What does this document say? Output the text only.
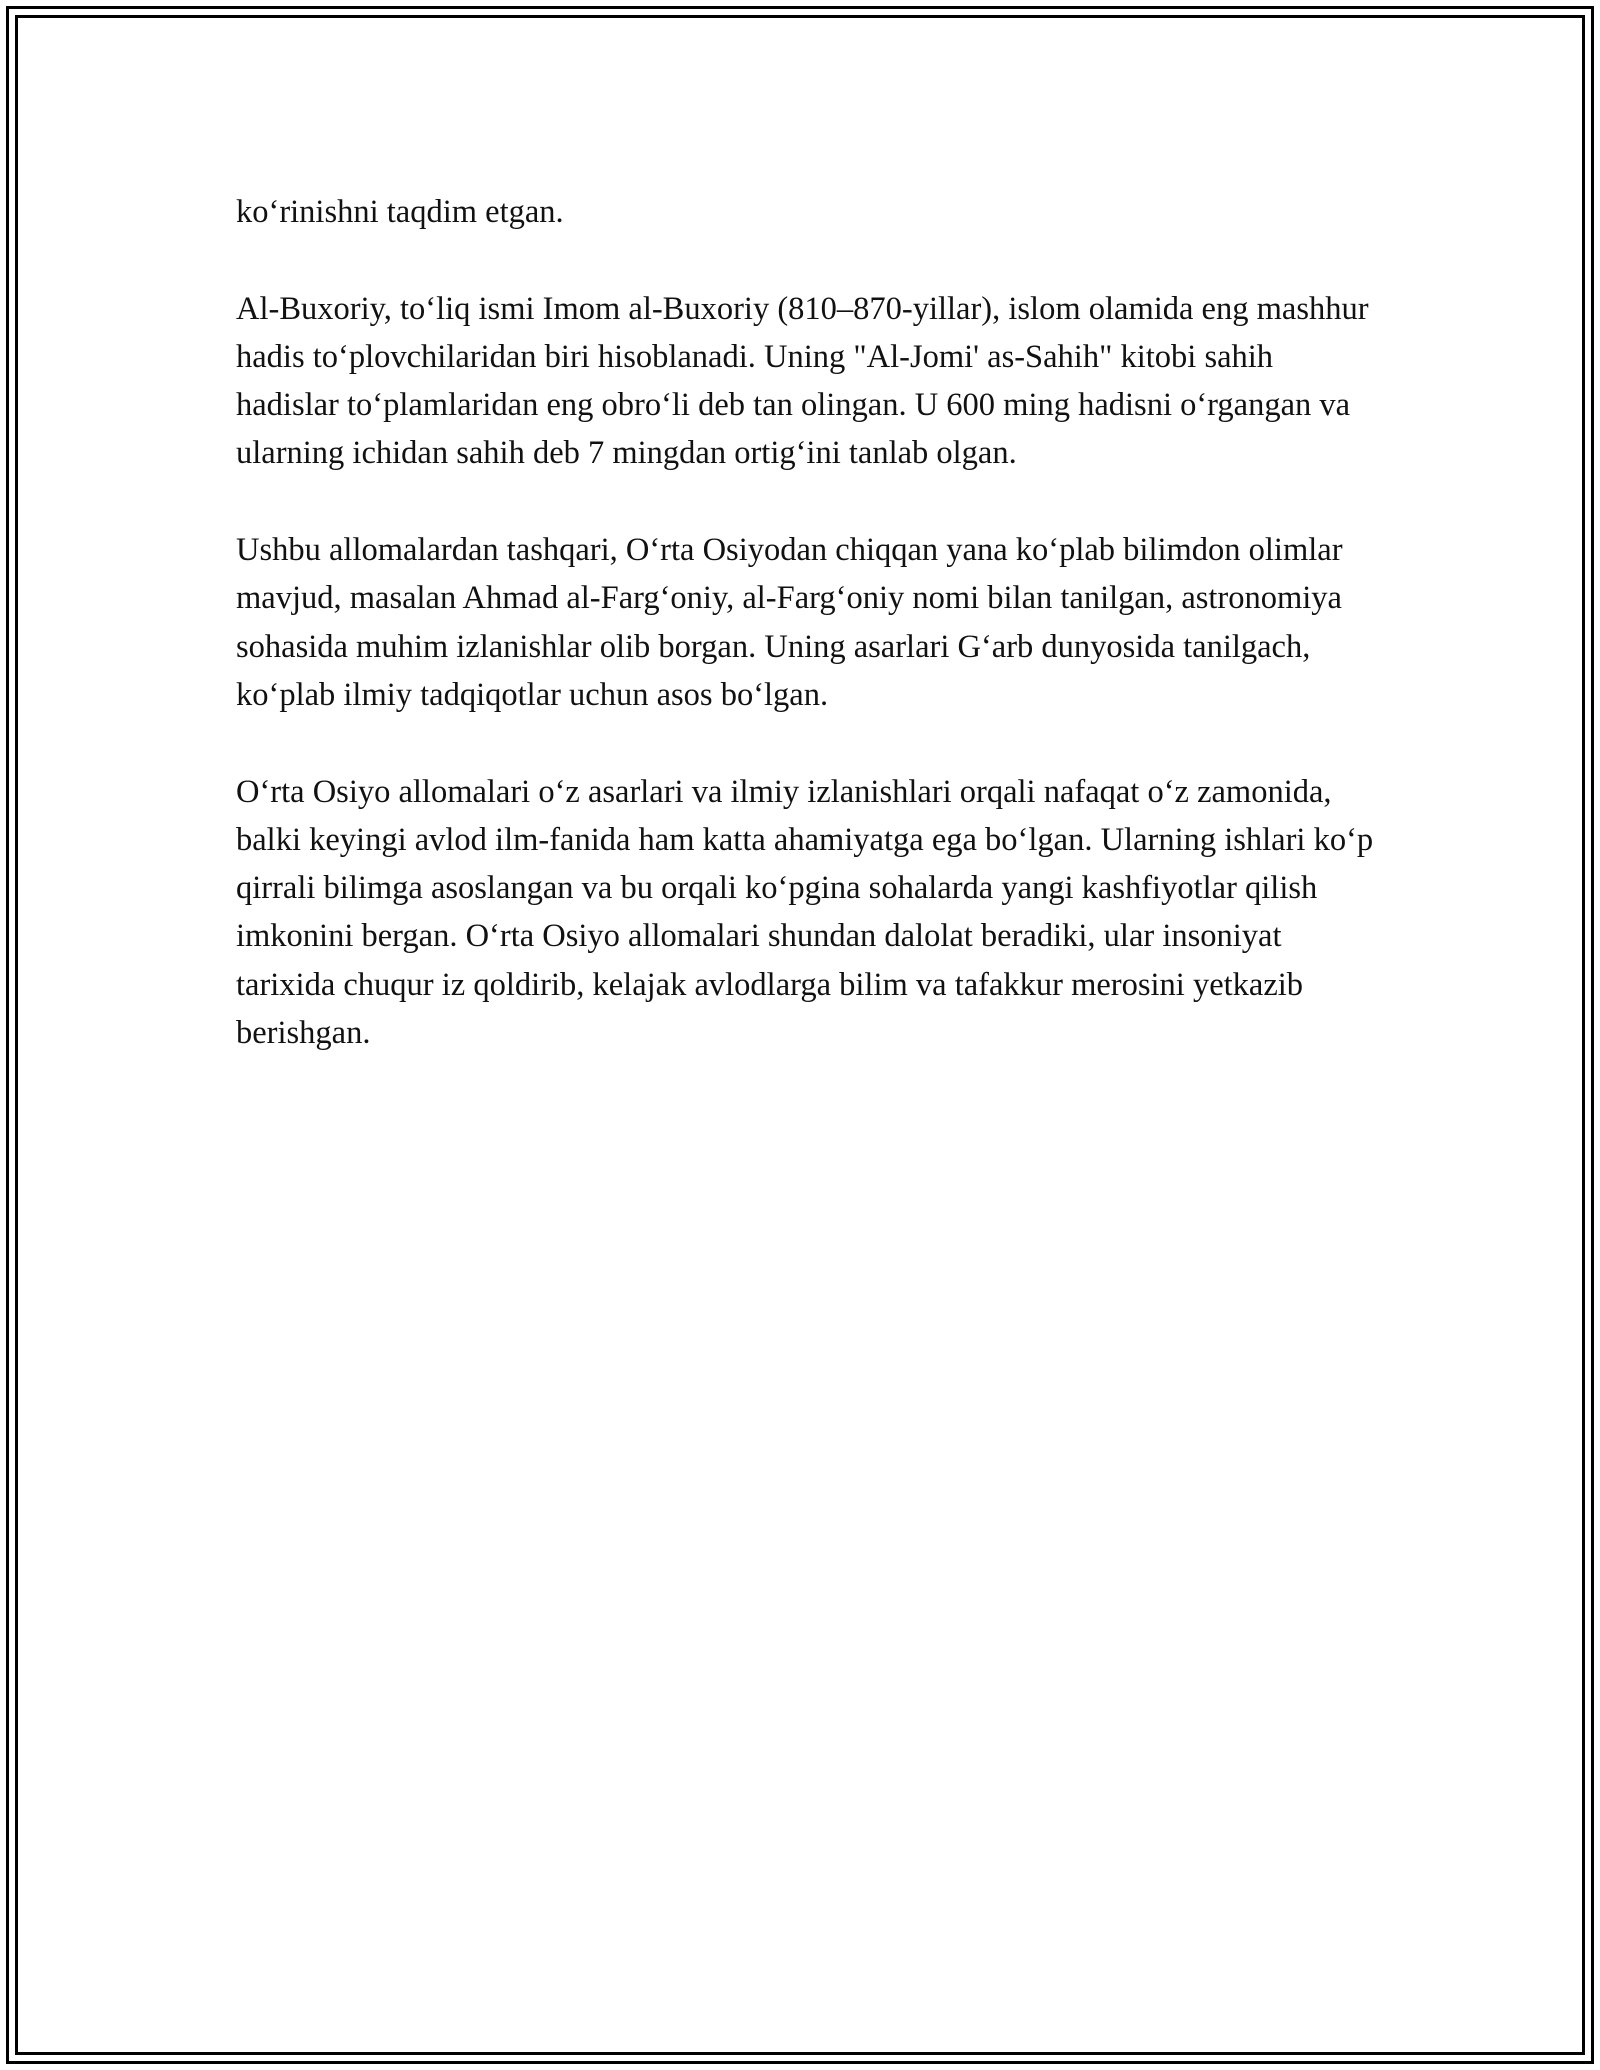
ko‘rinishni taqdim etgan.

Al-Buxoriy, to‘liq ismi Imom al-Buxoriy (810–870-yillar), islom olamida eng mashhur hadis to‘plovchilaridan biri hisoblanadi. Uning "Al-Jomi' as-Sahih" kitobi sahih hadislar to‘plamlaridan eng obro‘li deb tan olingan. U 600 ming hadisni o‘rgangan va ularning ichidan sahih deb 7 mingdan ortig‘ini tanlab olgan.

Ushbu allomalardan tashqari, O‘rta Osiyodan chiqqan yana ko‘plab bilimdon olimlar mavjud, masalan Ahmad al-Farg‘oniy, al-Farg‘oniy nomi bilan tanilgan, astronomiya sohasida muhim izlanishlar olib borgan. Uning asarlari G‘arb dunyosida tanilgach, ko‘plab ilmiy tadqiqotlar uchun asos bo‘lgan.

O‘rta Osiyo allomalari o‘z asarlari va ilmiy izlanishlari orqali nafaqat o‘z zamonida, balki keyingi avlod ilm-fanida ham katta ahamiyatga ega bo‘lgan. Ularning ishlari ko‘p qirrali bilimga asoslangan va bu orqali ko‘pgina sohalarda yangi kashfiyotlar qilish imkonini bergan. O‘rta Osiyo allomalari shundan dalolat beradiki, ular insoniyat tarixida chuqur iz qoldirib, kelajak avlodlarga bilim va tafakkur merosini yetkazib berishgan.
